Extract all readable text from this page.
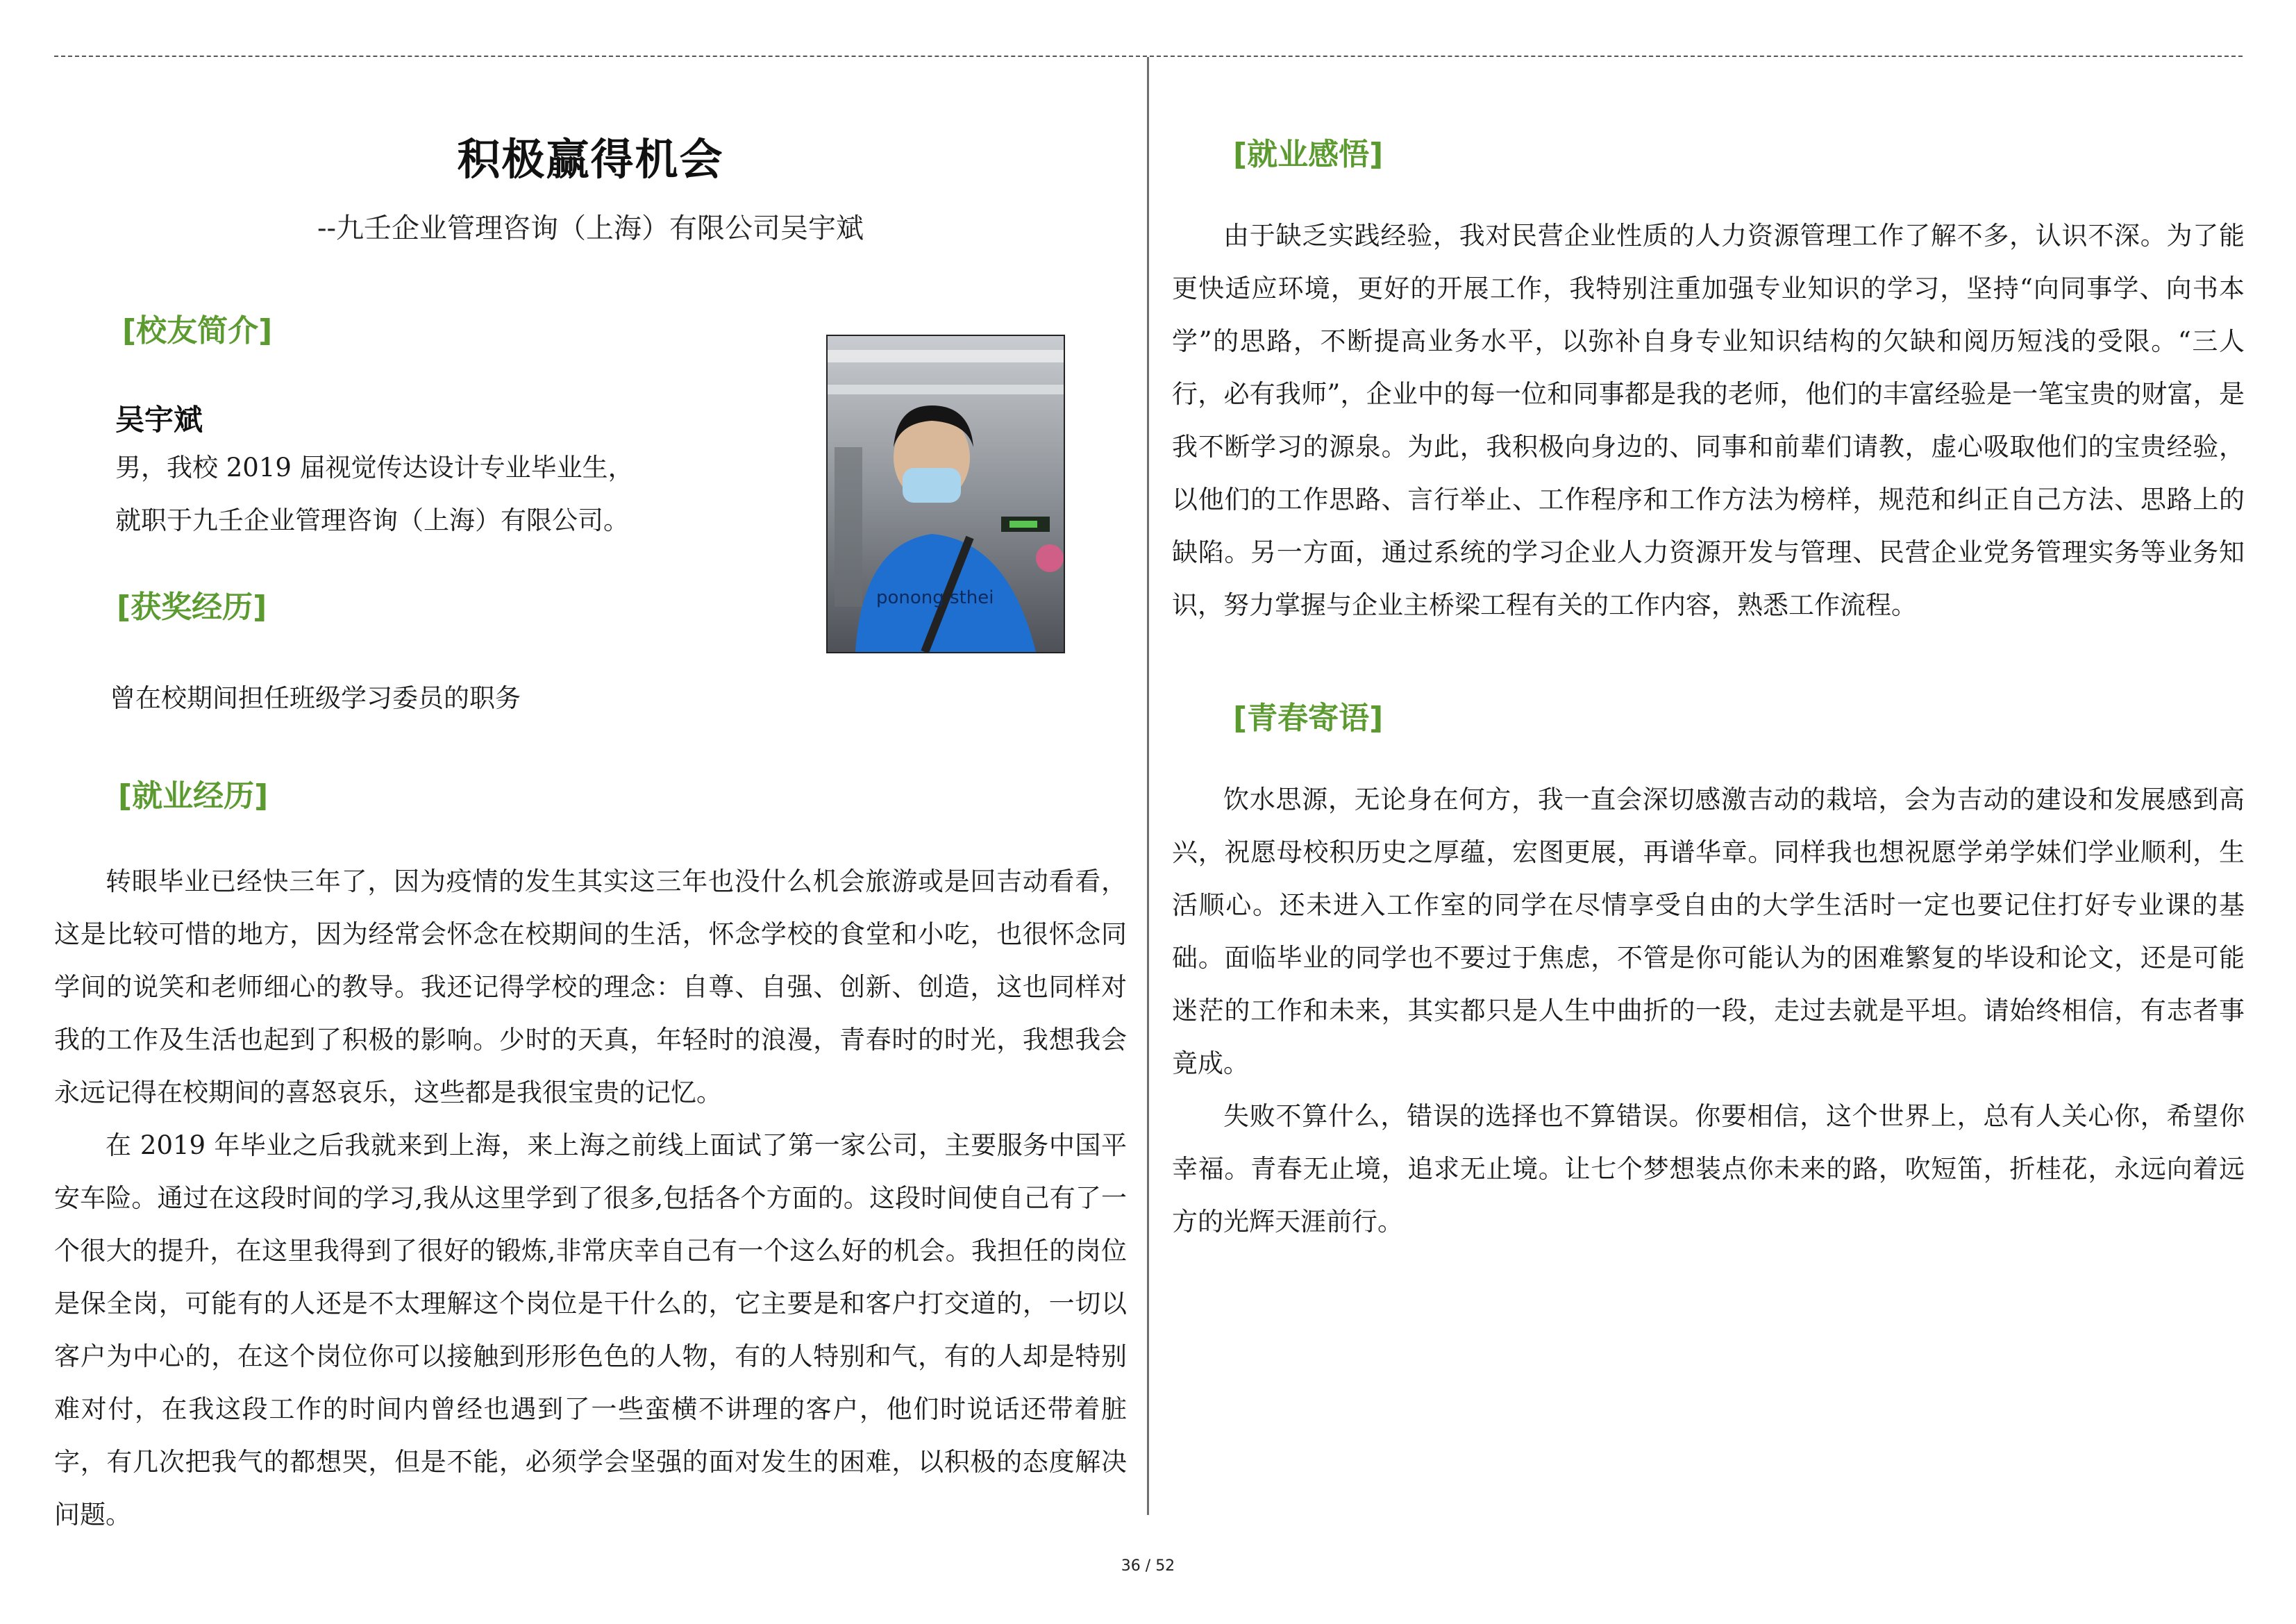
积极赢得机会

--九壬企业管理咨询（上海）有限公司吴宇斌

[校友简介]

吴宇斌

男，我校 2019 届视觉传达设计专业毕业生，

就职于九壬企业管理咨询（上海）有限公司。

[获奖经历]

曾在校期间担任班级学习委员的职务

[就业经历]

转眼毕业已经快三年了，因为疫情的发生其实这三年也没什么机会旅游或是回吉动看看，这是比较可惜的地方，因为经常会怀念在校期间的生活，怀念学校的食堂和小吃，也很怀念同学间的说笑和老师细心的教导。我还记得学校的理念：自尊、自强、创新、创造，这也同样对我的工作及生活也起到了积极的影响。少时的天真，年轻时的浪漫，青春时的时光，我想我会永远记得在校期间的喜怒哀乐，这些都是我很宝贵的记忆。

在 2019 年毕业之后我就来到上海，来上海之前线上面试了第一家公司，主要服务中国平安车险。通过在这段时间的学习,我从这里学到了很多,包括各个方面的。这段时间使自己有了一个很大的提升，在这里我得到了很好的锻炼,非常庆幸自己有一个这么好的机会。我担任的岗位是保全岗，可能有的人还是不太理解这个岗位是干什么的，它主要是和客户打交道的，一切以客户为中心的，在这个岗位你可以接触到形形色色的人物，有的人特别和气，有的人却是特别难对付，在我这段工作的时间内曾经也遇到了一些蛮横不讲理的客户，他们时说话还带着脏字，有几次把我气的都想哭，但是不能，必须学会坚强的面对发生的困难，以积极的态度解决问题。

ponong sthei

[就业感悟]

由于缺乏实践经验，我对民营企业性质的人力资源管理工作了解不多，认识不深。为了能更快适应环境，更好的开展工作，我特别注重加强专业知识的学习，坚持“向同事学、向书本学”的思路，不断提高业务水平，以弥补自身专业知识结构的欠缺和阅历短浅的受限。“三人行，必有我师”，企业中的每一位和同事都是我的老师，他们的丰富经验是一笔宝贵的财富，是我不断学习的源泉。为此，我积极向身边的、同事和前辈们请教，虚心吸取他们的宝贵经验，以他们的工作思路、言行举止、工作程序和工作方法为榜样，规范和纠正自己方法、思路上的缺陷。另一方面，通过系统的学习企业人力资源开发与管理、民营企业党务管理实务等业务知识，努力掌握与企业主桥梁工程有关的工作内容，熟悉工作流程。

[青春寄语]

饮水思源，无论身在何方，我一直会深切感激吉动的栽培，会为吉动的建设和发展感到高兴，祝愿母校积历史之厚蕴，宏图更展，再谱华章。同样我也想祝愿学弟学妹们学业顺利，生活顺心。还未进入工作室的同学在尽情享受自由的大学生活时一定也要记住打好专业课的基础。面临毕业的同学也不要过于焦虑，不管是你可能认为的困难繁复的毕设和论文，还是可能迷茫的工作和未来，其实都只是人生中曲折的一段，走过去就是平坦。请始终相信，有志者事竟成。

失败不算什么，错误的选择也不算错误。你要相信，这个世界上，总有人关心你，希望你幸福。青春无止境，追求无止境。让七个梦想装点你未来的路，吹短笛，折桂花，永远向着远方的光辉天涯前行。

36 / 52
